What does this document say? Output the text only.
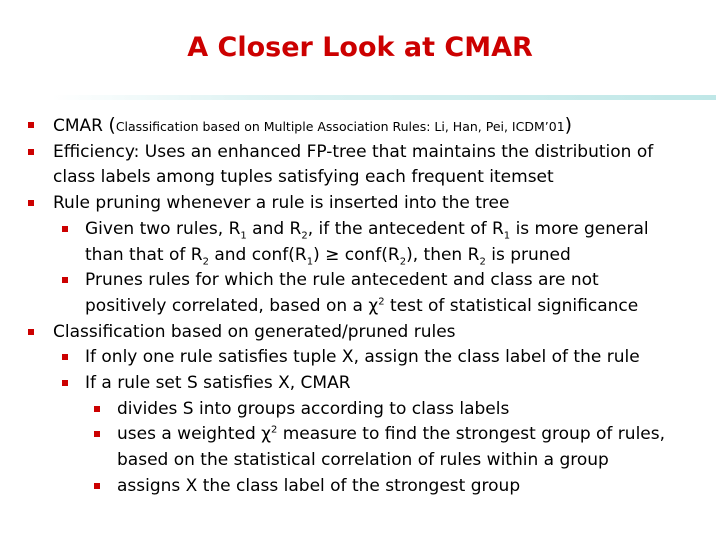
A Closer Look at CMAR
CMAR (Classification based on Multiple Association Rules: Li, Han, Pei, ICDM’01)
Efficiency: Uses an enhanced FP-tree that maintains the distribution of
class labels among tuples satisfying each frequent itemset
Rule pruning whenever a rule is inserted into the tree
Given two rules, $R_1$ and $R_2$, if the antecedent of $R_1$ is more general
than that of $R_2$ and $conf(R_1)$ ≥ $conf(R_2)$, then $R_2$ is pruned
Prunes rules for which the rule antecedent and class are not
positively correlated, based on a $\chi^2$ test of statistical significance
Classification based on generated/pruned rules
If only one rule satisfies tuple X, assign the class label of the rule
If a rule set S satisfies X, CMAR
divides S into groups according to class labels
uses a weighted $\chi^2$ measure to find the strongest group of rules,
based on the statistical correlation of rules within a group
assigns X the class label of the strongest group
